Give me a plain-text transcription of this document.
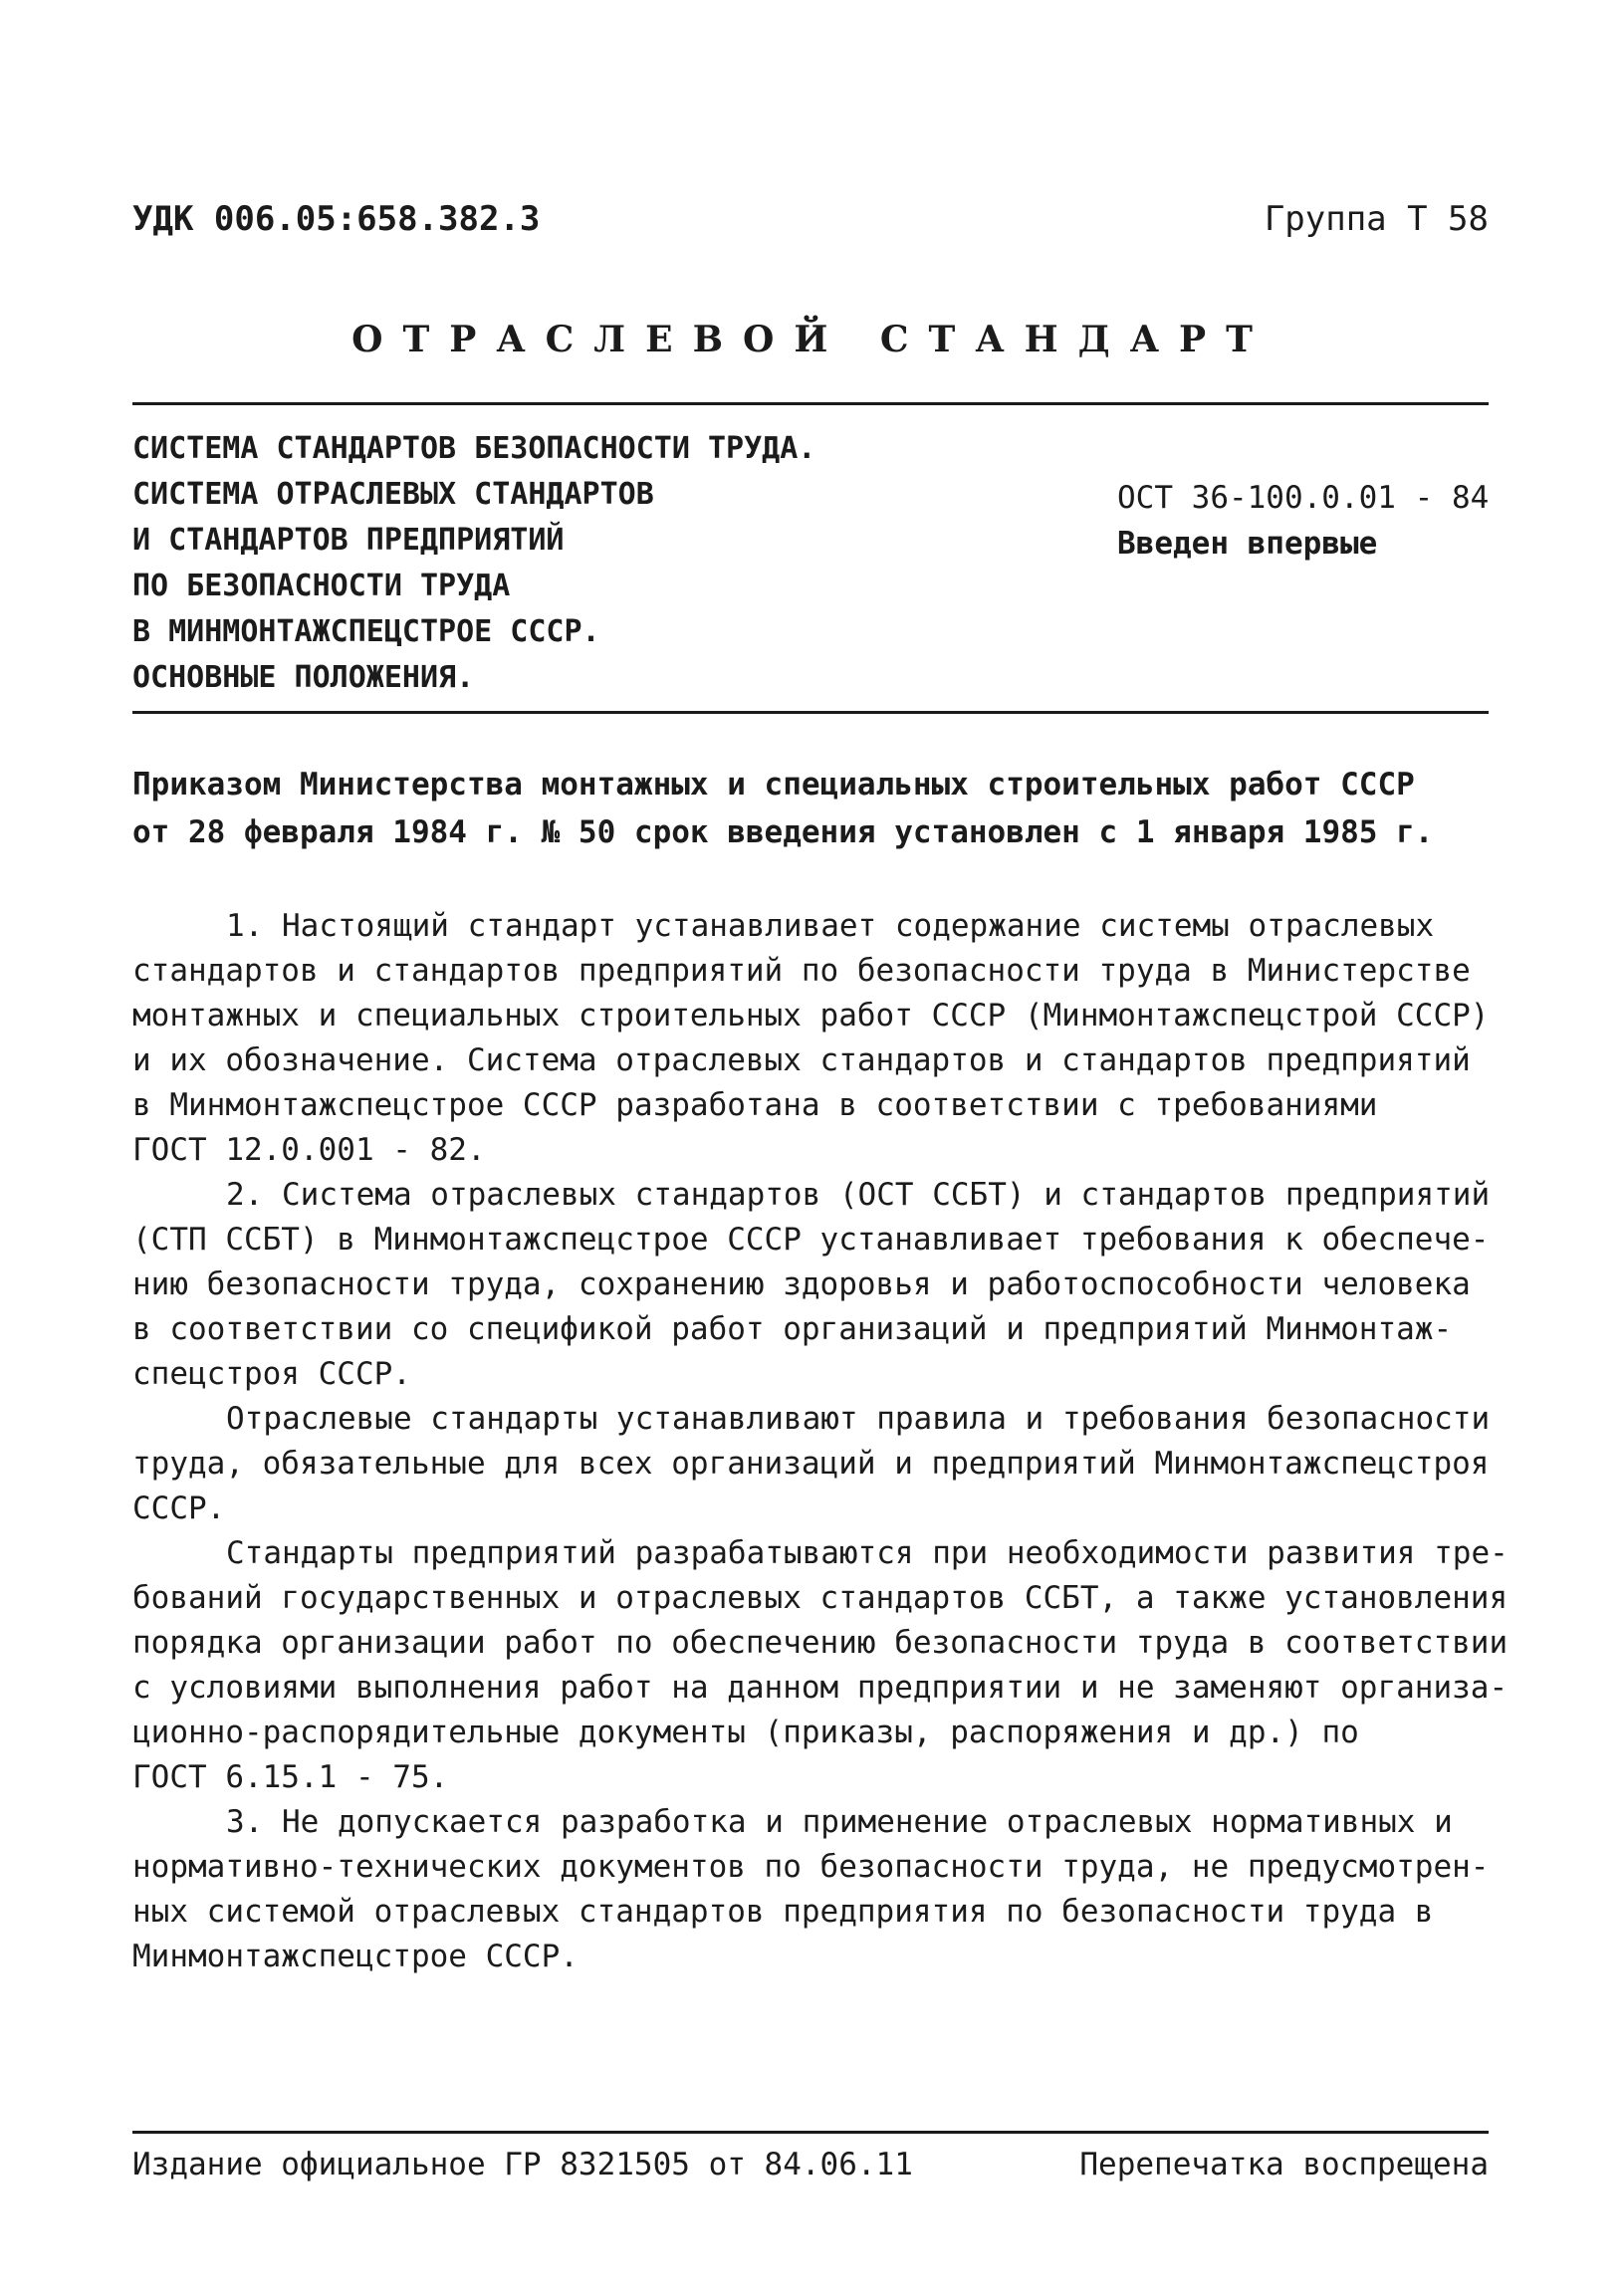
УДК 006.05:658.382.3	Группа Т 58
ОТРАСЛЕВОЙ СТАНДАРТ
СИСТЕМА СТАНДАРТОВ БЕЗОПАСНОСТИ ТРУДА.
СИСТЕМА ОТРАСЛЕВЫХ СТАНДАРТОВ
И СТАНДАРТОВ ПРЕДПРИЯТИЙ
ПО БЕЗОПАСНОСТИ ТРУДА
В МИНМОНТАЖСПЕЦСТРОЕ СССР.
ОСНОВНЫЕ ПОЛОЖЕНИЯ.
ОСТ 36-100.0.01 - 84
Введен впервые
Приказом Министерства монтажных и специальных строительных работ СССР
от 28 февраля 1984 г. № 50 срок введения установлен с 1 января 1985 г.
1. Настоящий стандарт устанавливает содержание системы отраслевых
стандартов и стандартов предприятий по безопасности труда в Министерстве
монтажных и специальных строительных работ СССР (Минмонтажспецстрой СССР)
и их обозначение. Система отраслевых стандартов и стандартов предприятий
в Минмонтажспецстрое СССР разработана в соответствии с требованиями
ГОСТ 12.0.001 - 82.
2. Система отраслевых стандартов (ОСТ ССБТ) и стандартов предприятий
(СТП ССБТ) в Минмонтажспецстрое СССР устанавливает требования к обеспече-
нию безопасности труда, сохранению здоровья и работоспособности человека
в соответствии со спецификой работ организаций и предприятий Минмонтаж-
спецстроя СССР.
Отраслевые стандарты устанавливают правила и требования безопасности
труда, обязательные для всех организаций и предприятий Минмонтажспецстроя
СССР.
Стандарты предприятий разрабатываются при необходимости развития тре-
бований государственных и отраслевых стандартов ССБТ, а также установления
порядка организации работ по обеспечению безопасности труда в соответствии
с условиями выполнения работ на данном предприятии и не заменяют организа-
ционно-распорядительные документы (приказы, распоряжения и др.) по
ГОСТ 6.15.1 - 75.
3. Не допускается разработка и применение отраслевых нормативных и
нормативно-технических документов по безопасности труда, не предусмотрен-
ных системой отраслевых стандартов предприятия по безопасности труда в
Минмонтажспецстрое СССР.
Издание официальное ГР 8321505 от 84.06.11	Перепечатка воспрещена
